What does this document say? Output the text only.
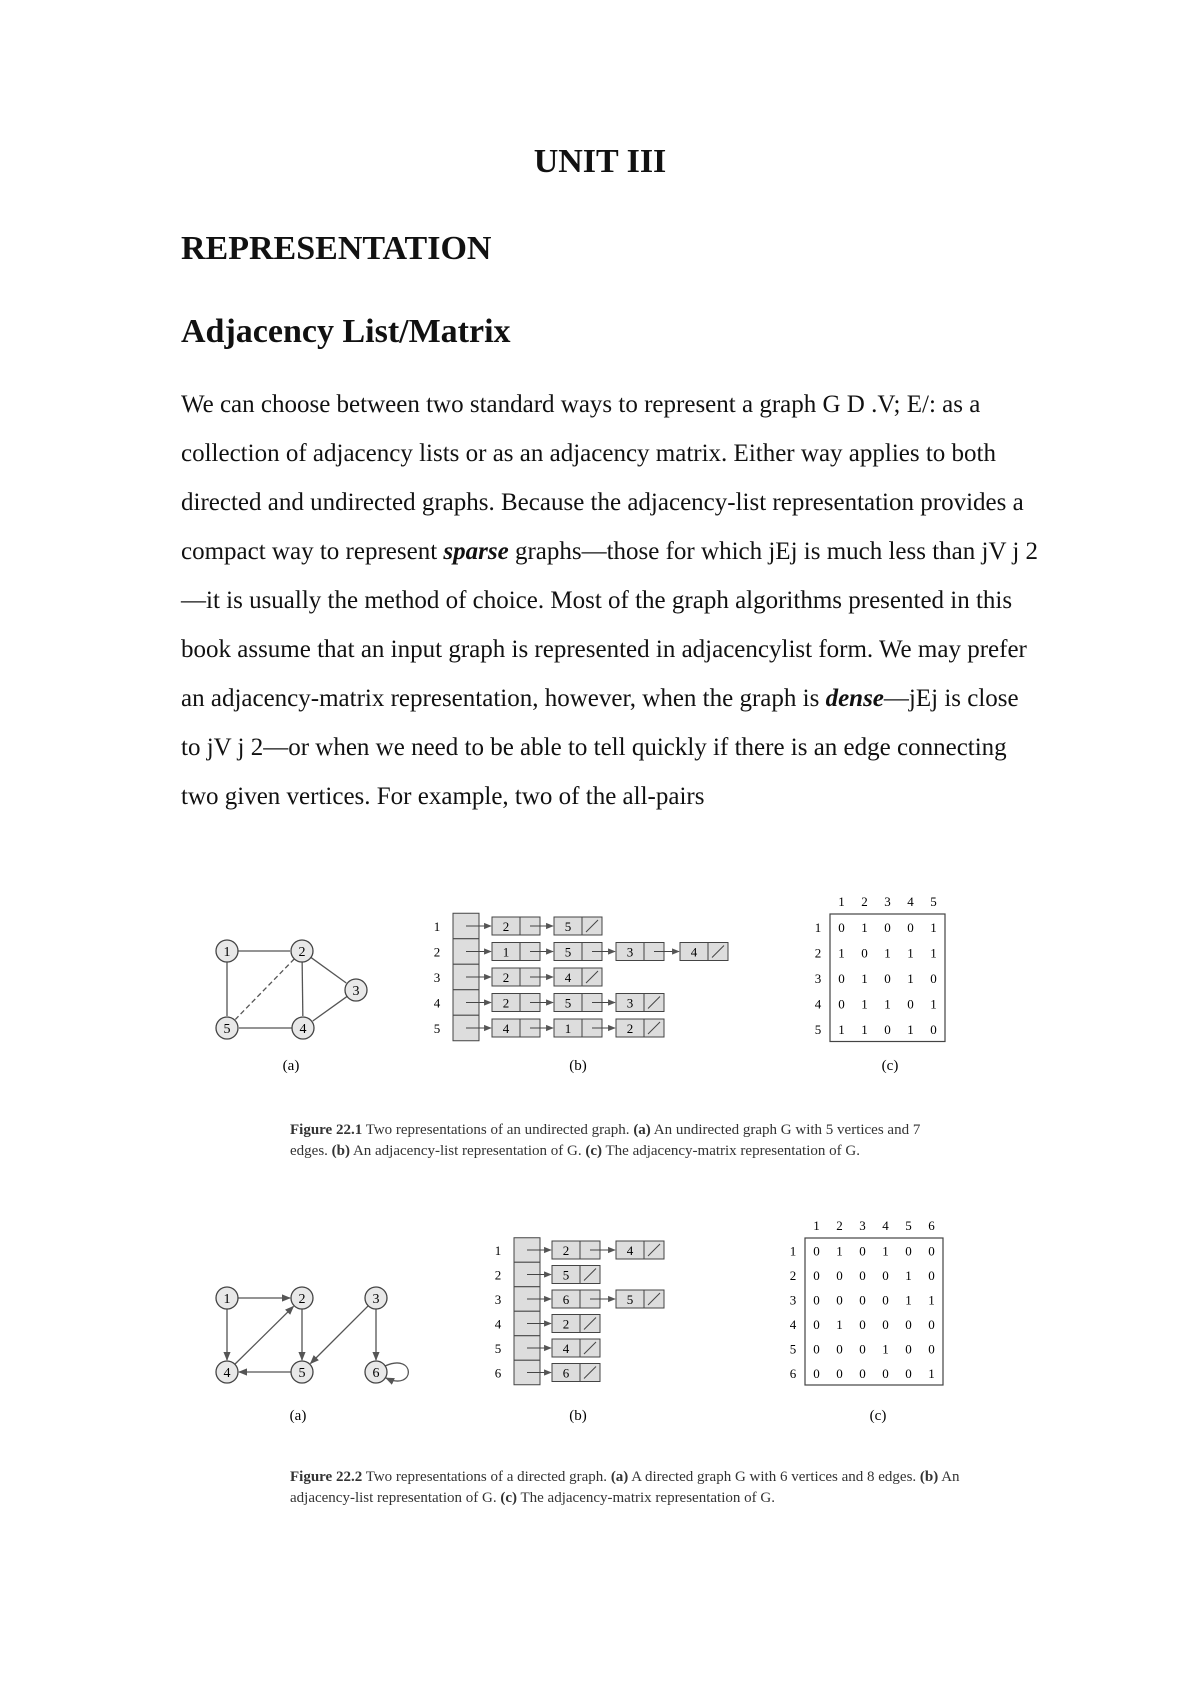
UNIT III
REPRESENTATION
Adjacency List/Matrix

We can choose between two standard ways to represent a graph G D .V; E/: as a collection of adjacency lists or as an adjacency matrix. Either way applies to both directed and undirected graphs. Because the adjacency-list representation provides a compact way to represent sparse graphs—those for which jEj is much less than jV j 2—it is usually the method of choice. Most of the graph algorithms presented in this book assume that an input graph is represented in adjacencylist form. We may prefer an adjacency-matrix representation, however, when the graph is dense—jEj is close to jV j 2—or when we need to be able to tell quickly if there is an edge connecting two given vertices. For example, two of the all-pairs

1	2
3
4
5
1	2	5
2	1	5	3	4
3	2	4
4	2	5	3
5	4	1	2
1 2 3 4 5
1 0 1 0 0 1
2 1 0 1 1 1
3 0 1 0 1 0
4 0 1 1 0 1
5 1 1 0 1 0
(a)	(b)	(c)

Figure 22.1 Two representations of an undirected graph. (a) An undirected graph G with 5 vertices and 7 edges. (b) An adjacency-list representation of G. (c) The adjacency-matrix representation of G.

1	2	3
4	5	6
1	2	4
2	5
3	6	5
4	2
5	4
6	6
1 2 3 4 5 6
1 0 1 0 1 0 0
2 0 0 0 0 1 0
3 0 0 0 0 1 1
4 0 1 0 0 0 0
5 0 0 0 1 0 0
6 0 0 0 0 0 1
(a)	(b)	(c)

Figure 22.2 Two representations of a directed graph. (a) A directed graph G with 6 vertices and 8 edges. (b) An adjacency-list representation of G. (c) The adjacency-matrix representation of G.
